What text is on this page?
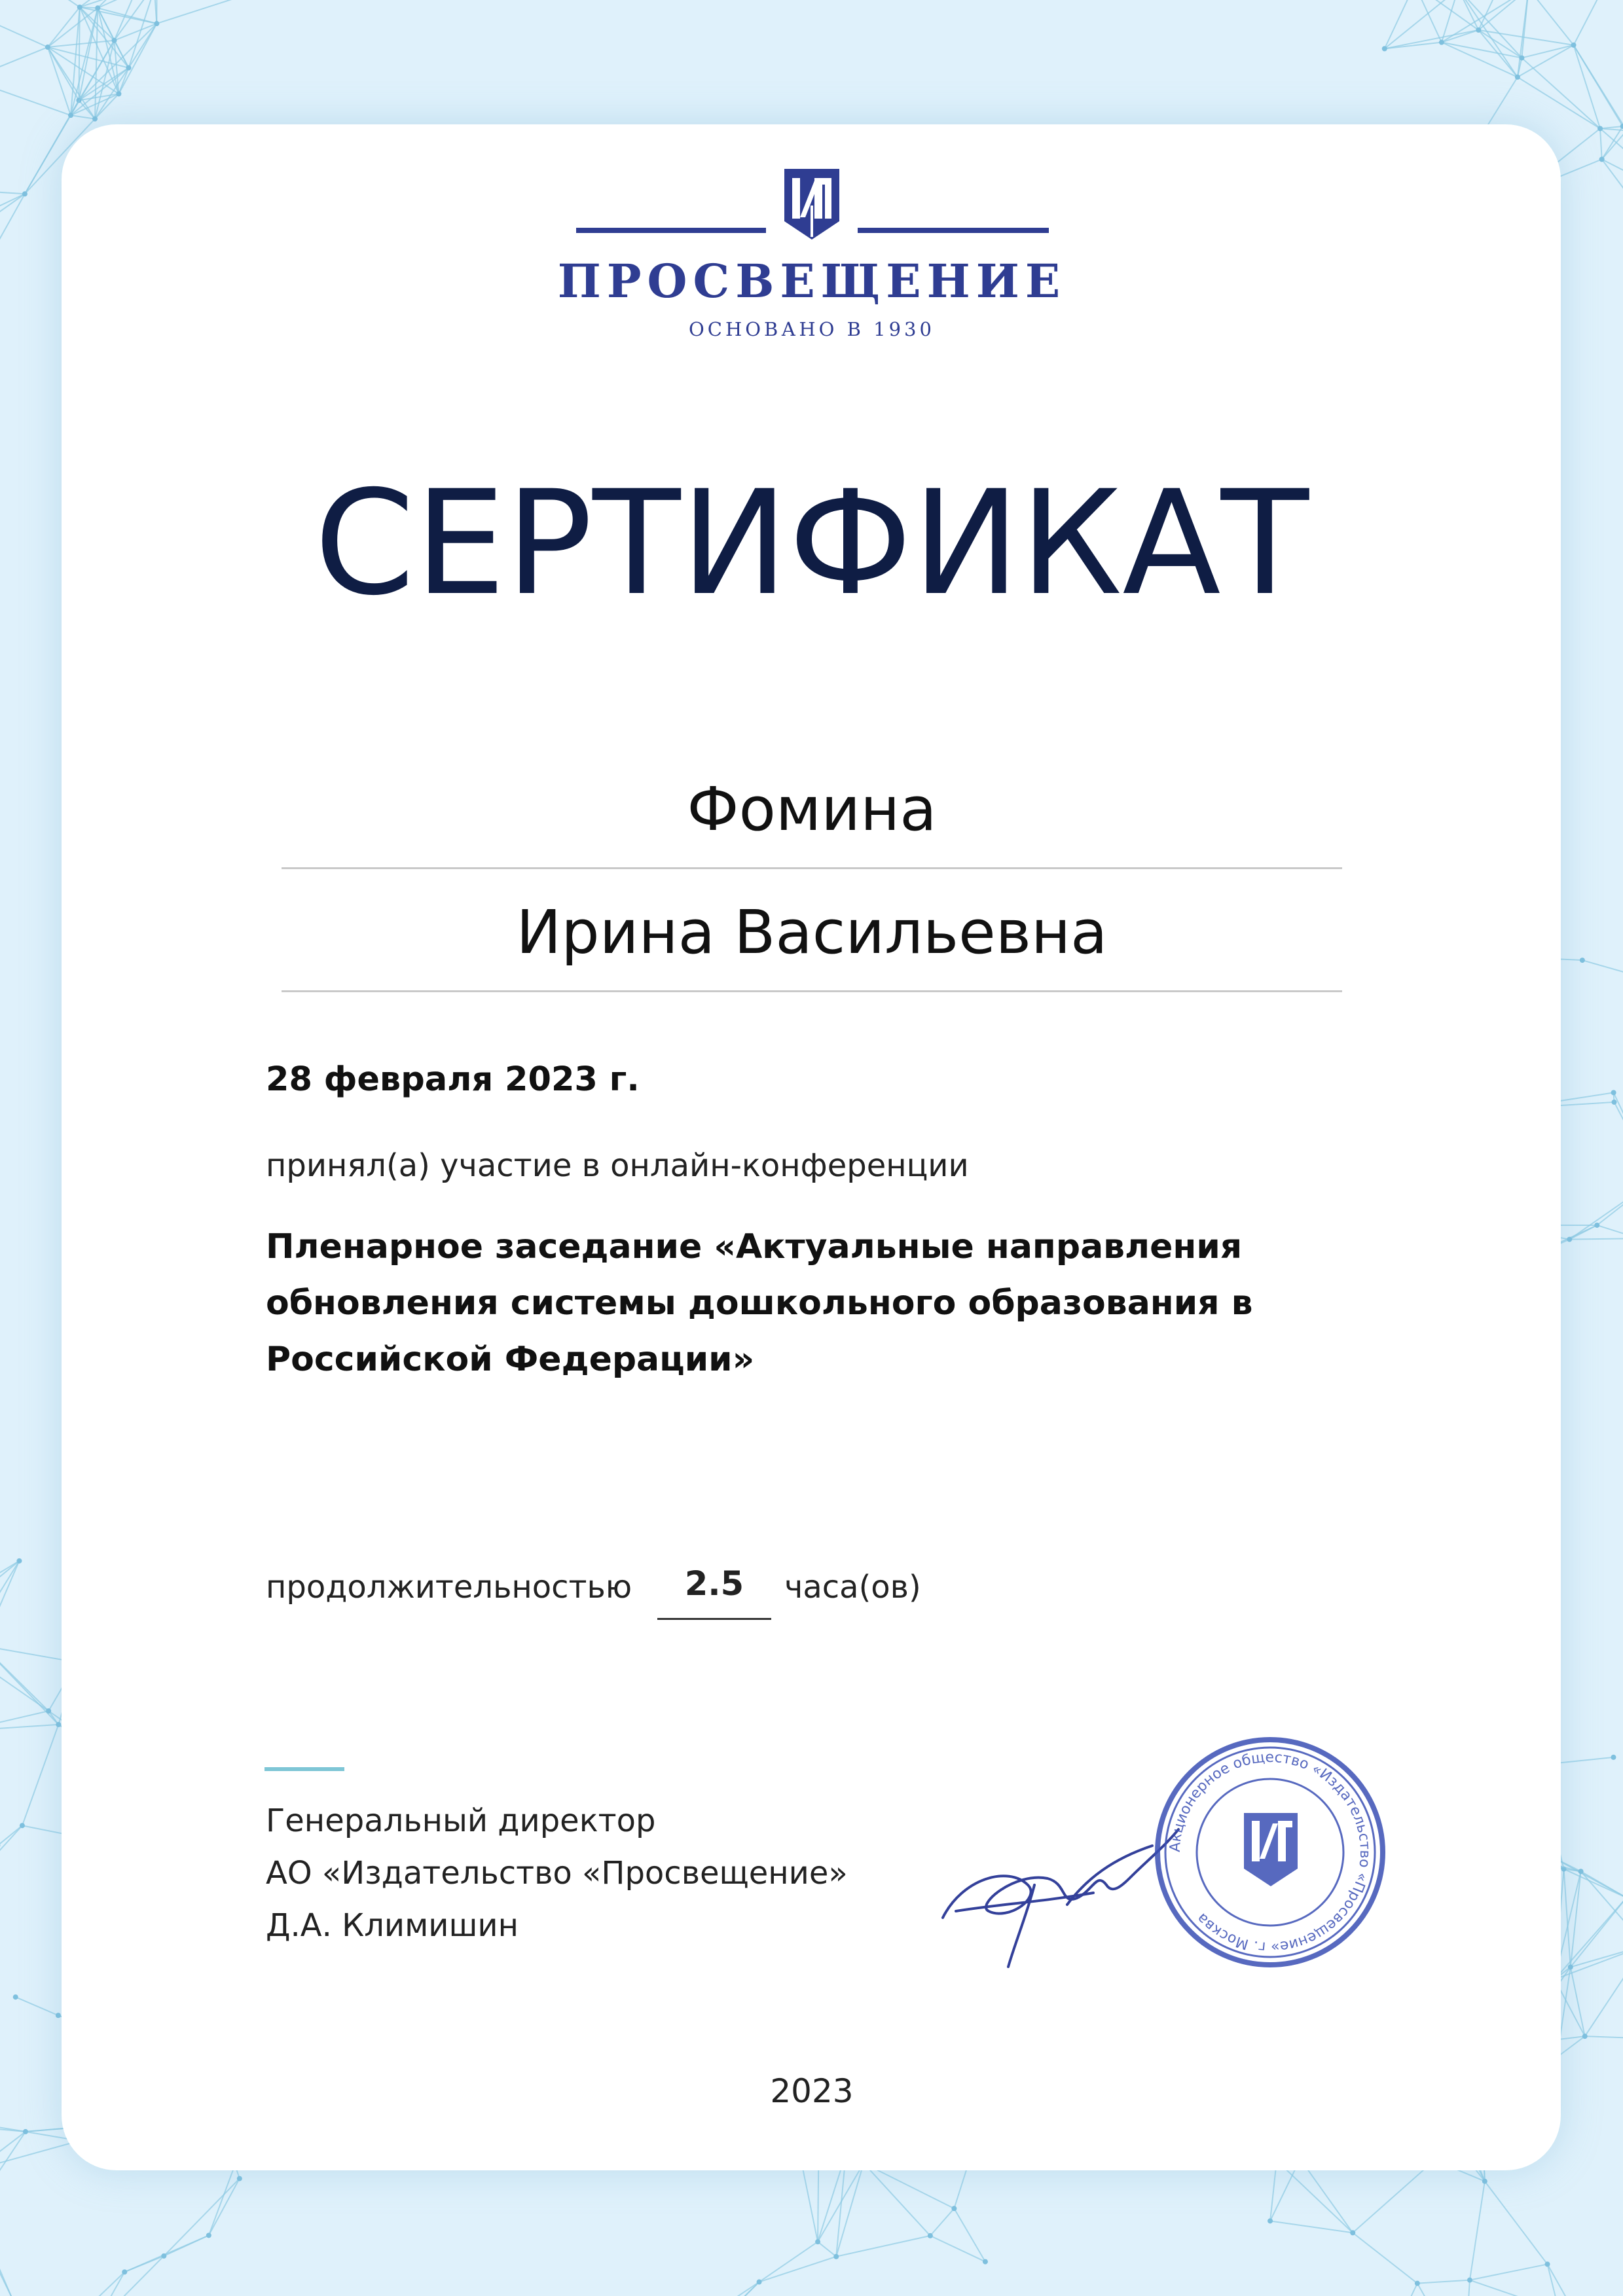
ПРОСВЕЩЕНИЕ
ОСНОВАНО В 1930
СЕРТИФИКАТ
Фомина
Ирина Васильевна
28 февраля 2023 г.
принял(а) участие в онлайн-конференции
Пленарное заседание «Актуальные направления обновления системы дошкольного образования в Российской Федерации»
продолжительностью	2.5	часа(ов)
Генеральный директор
АО «Издательство «Просвещение»
Д.А. Климишин
Акционерное общество «Издательство «Просвещение» г. Москва
2023
